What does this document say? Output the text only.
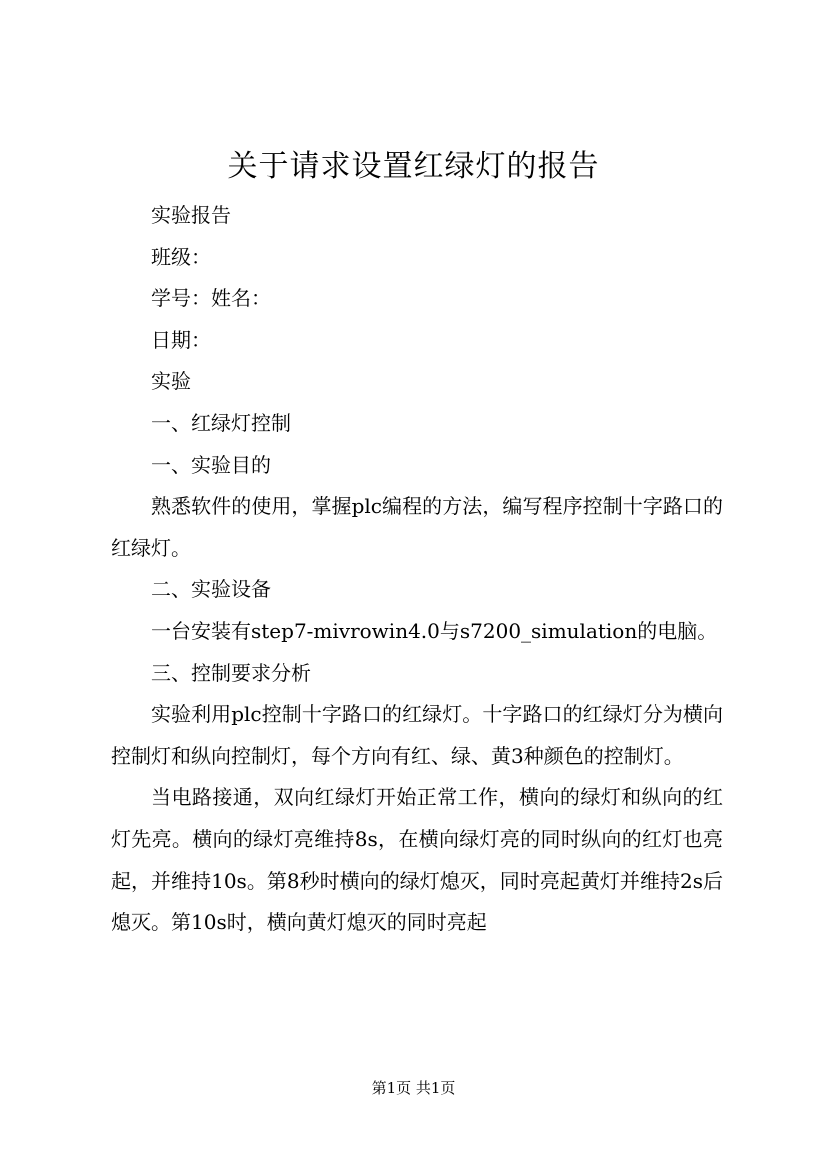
关于请求设置红绿灯的报告

实验报告

班级：

学号：姓名：

日期：

实验

一、红绿灯控制

一、实验目的

熟悉软件的使用，掌握plc编程的方法，编写程序控制十字路口的红绿灯。

二、实验设备

一台安装有step7-mivrowin4.0与s7200_simulation的电脑。

三、控制要求分析

实验利用plc控制十字路口的红绿灯。十字路口的红绿灯分为横向控制灯和纵向控制灯，每个方向有红、绿、黄3种颜色的控制灯。

当电路接通，双向红绿灯开始正常工作，横向的绿灯和纵向的红灯先亮。横向的绿灯亮维持8s，在横向绿灯亮的同时纵向的红灯也亮起，并维持10s。第8秒时横向的绿灯熄灭，同时亮起黄灯并维持2s后熄灭。第10s时，横向黄灯熄灭的同时亮起

第1页 共1页
